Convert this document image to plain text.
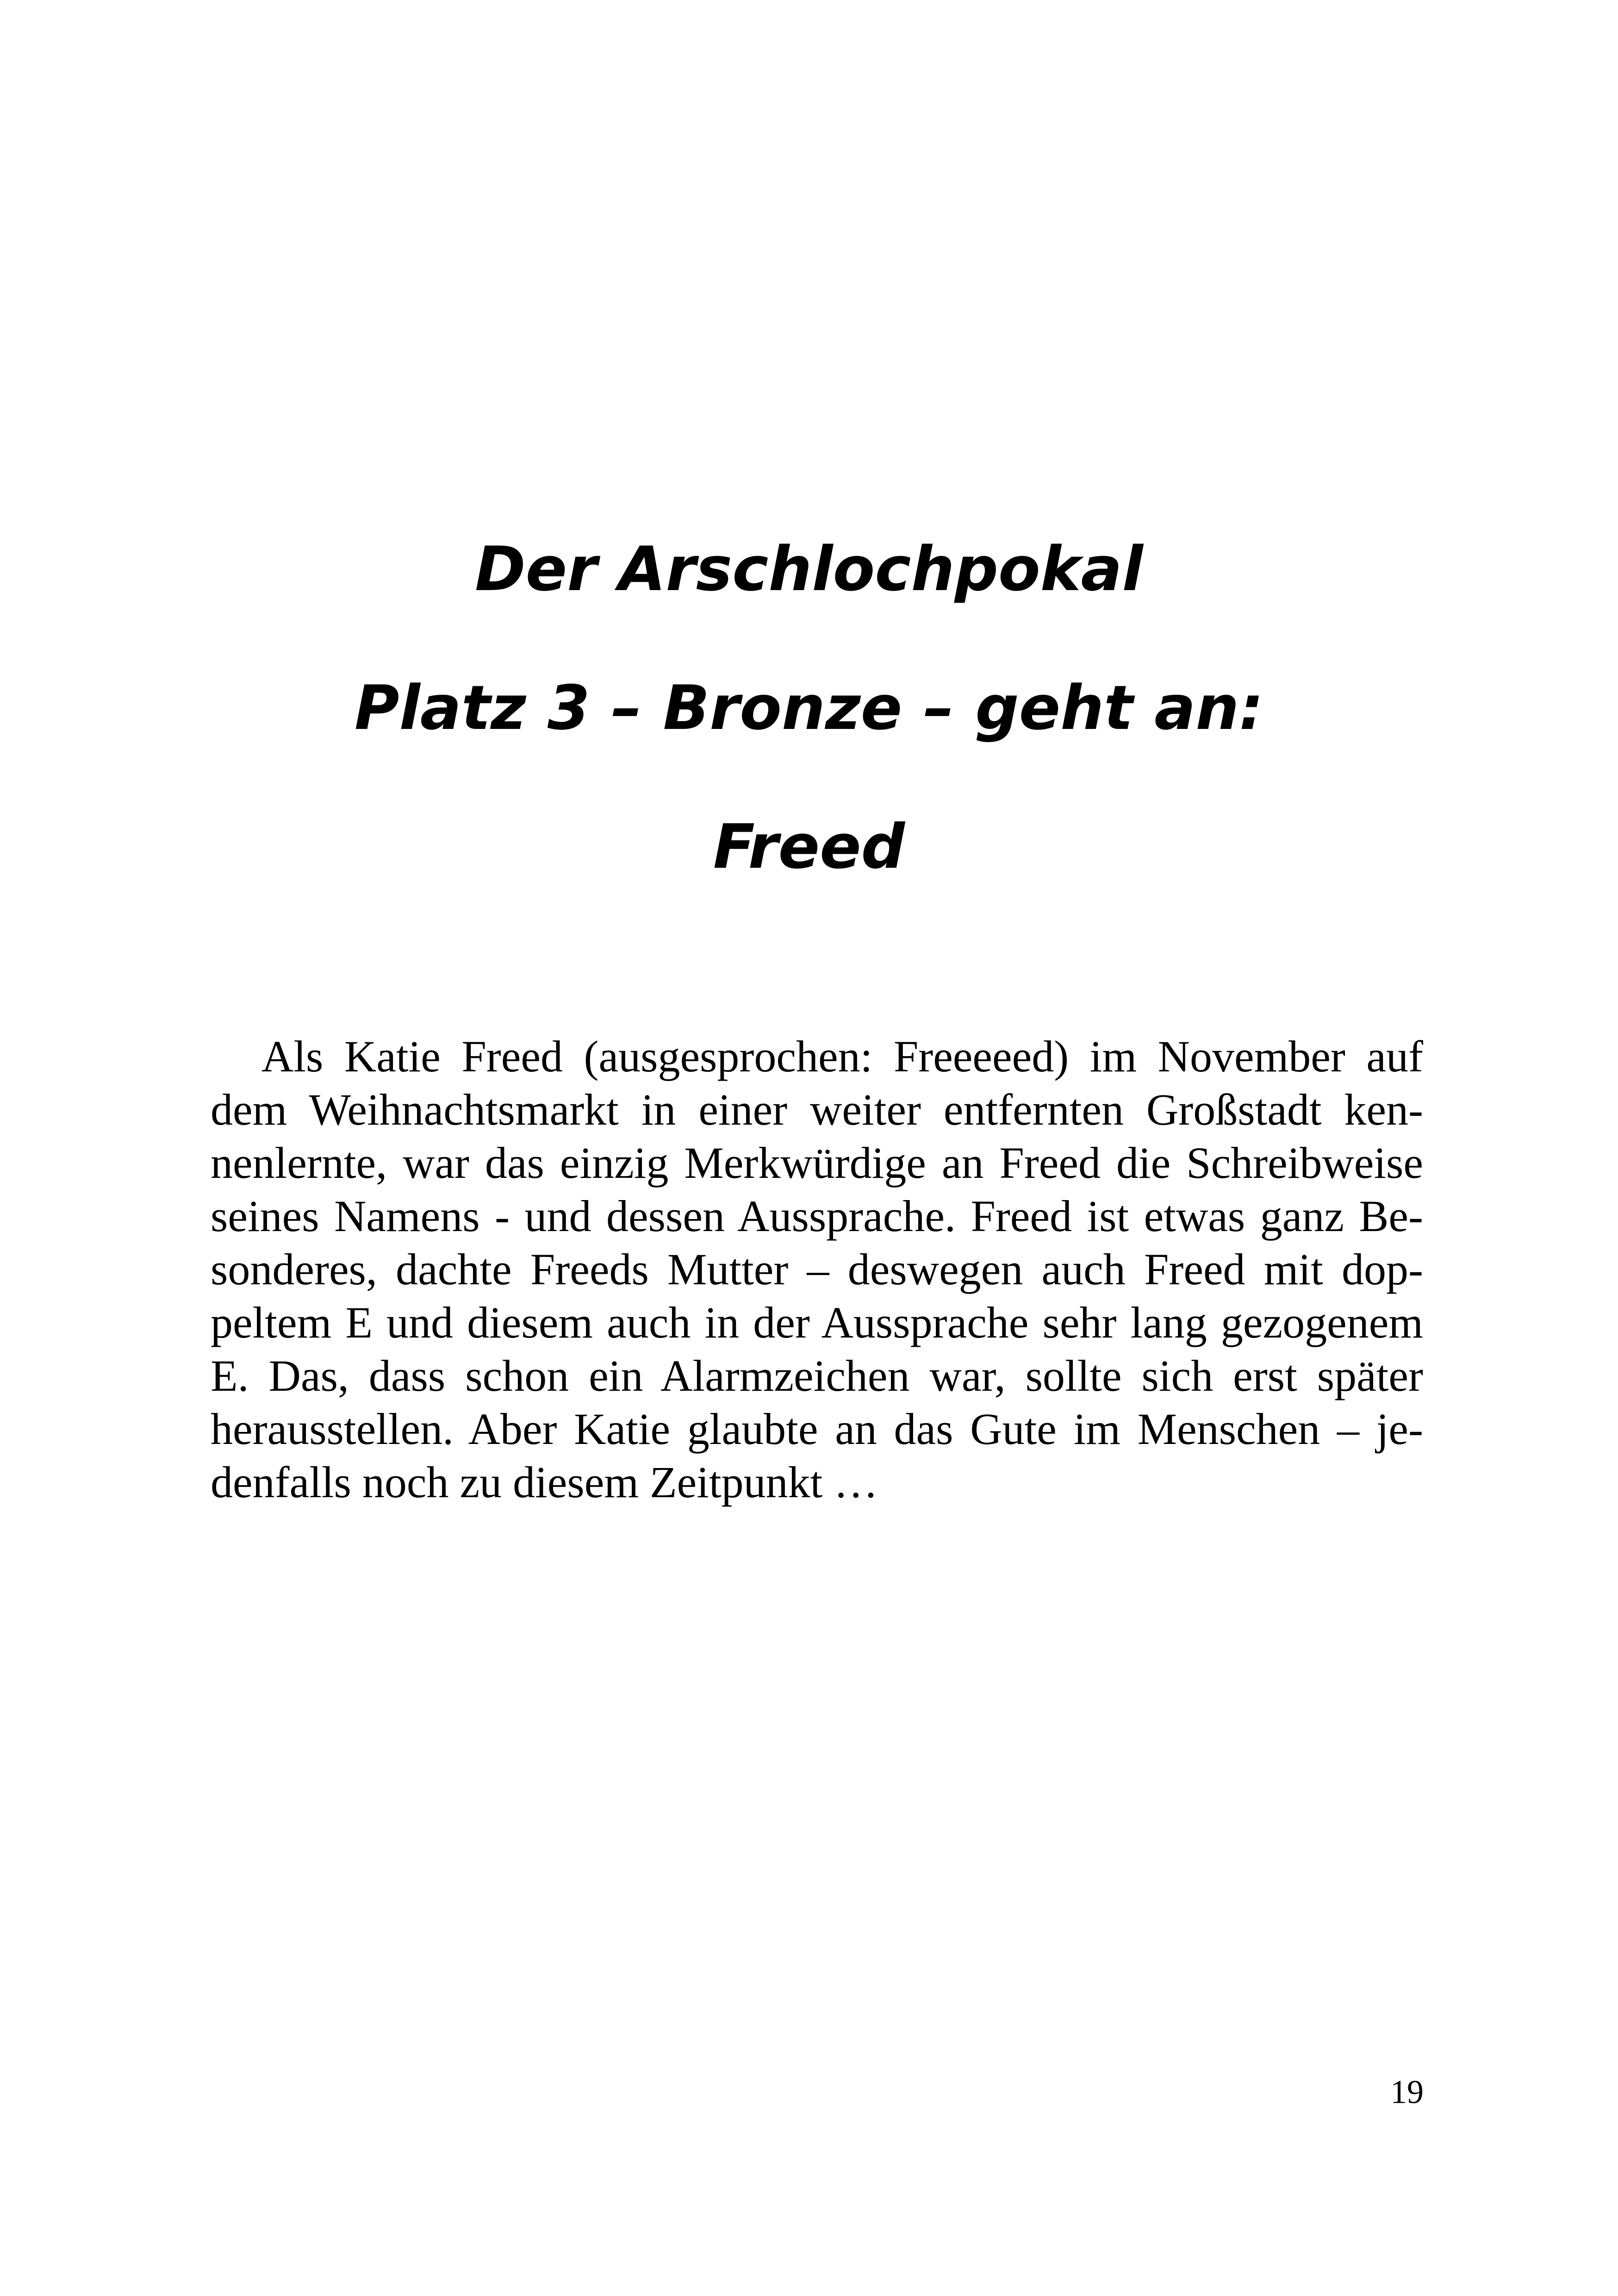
Der Arschlochpokal
Platz 3 – Bronze – geht an:
Freed
Als Katie Freed (ausgesprochen: Freeeeed) im November auf
dem Weihnachtsmarkt in einer weiter entfernten Großstadt ken-
nenlernte, war das einzig Merkwürdige an Freed die Schreibweise
seines Namens - und dessen Aussprache. Freed ist etwas ganz Be-
sonderes, dachte Freeds Mutter – deswegen auch Freed mit dop-
peltem E und diesem auch in der Aussprache sehr lang gezogenem
E. Das, dass schon ein Alarmzeichen war, sollte sich erst später
herausstellen. Aber Katie glaubte an das Gute im Menschen – je-
denfalls noch zu diesem Zeitpunkt …
19
